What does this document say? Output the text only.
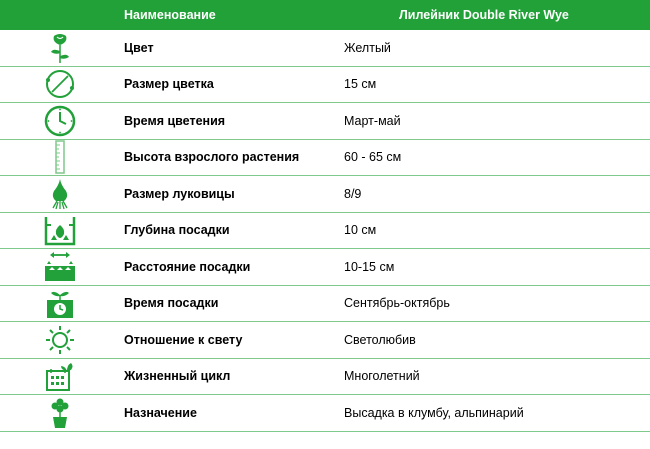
Наименование	Лилейник Double River Wye
Цвет	Желтый
Размер цветка	15 см
Время цветения	Март-май
Высота взрослого растения	60 - 65 см
Размер луковицы	8/9
Глубина посадки	10 см
Расстояние посадки	10-15 см
Время посадки	Сентябрь-октябрь
Отношение к свету	Светолюбив
Жизненный цикл	Многолетний
Назначение	Высадка в клумбу, альпинарий
